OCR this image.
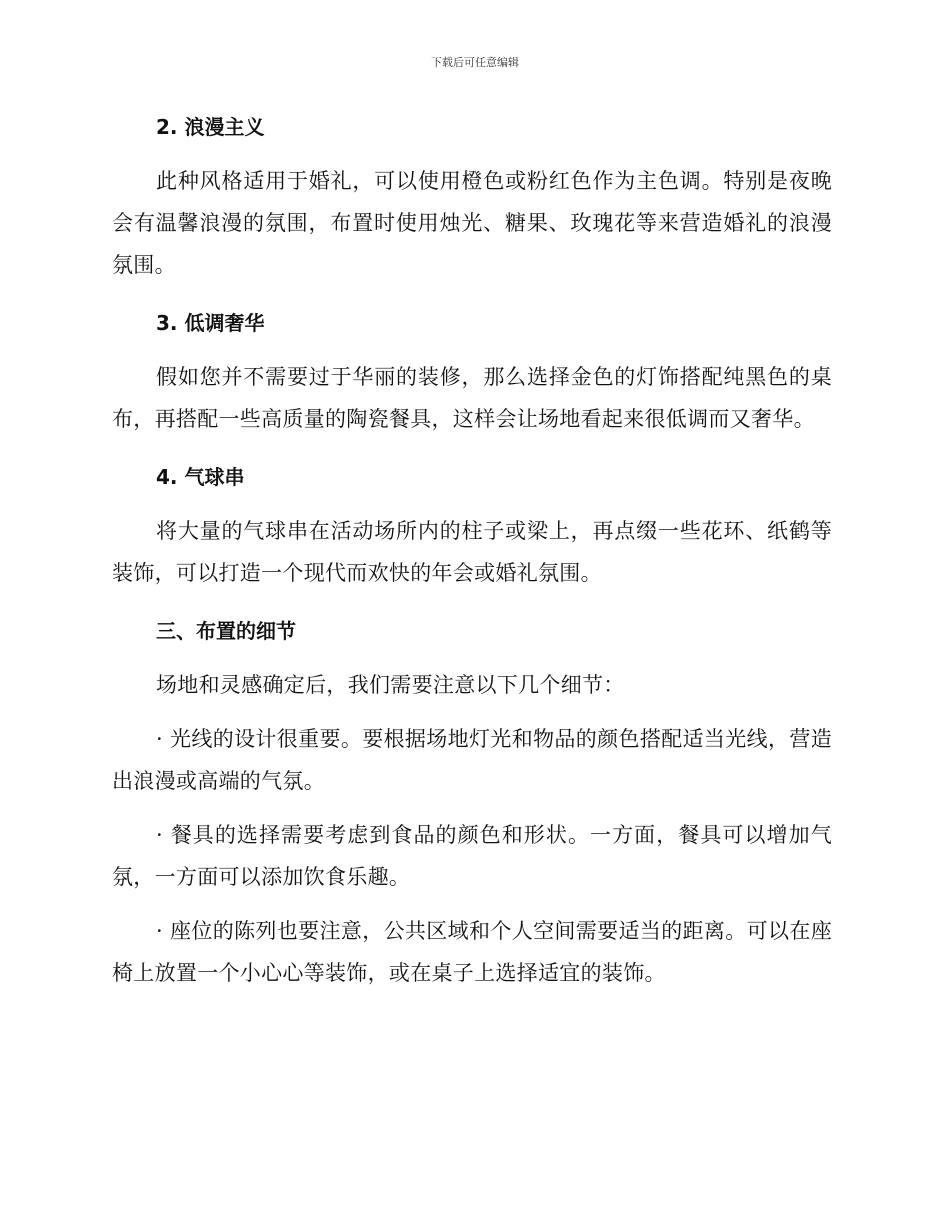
下载后可任意编辑
2. 浪漫主义

此种风格适用于婚礼，可以使用橙色或粉红色作为主色调。特别是夜晚会有温馨浪漫的氛围，布置时使用烛光、糖果、玫瑰花等来营造婚礼的浪漫氛围。

3. 低调奢华

假如您并不需要过于华丽的装修，那么选择金色的灯饰搭配纯黑色的桌布，再搭配一些高质量的陶瓷餐具，这样会让场地看起来很低调而又奢华。

4. 气球串

将大量的气球串在活动场所内的柱子或梁上，再点缀一些花环、纸鹤等装饰，可以打造一个现代而欢快的年会或婚礼氛围。

三、布置的细节

场地和灵感确定后，我们需要注意以下几个细节：

· 光线的设计很重要。要根据场地灯光和物品的颜色搭配适当光线，营造出浪漫或高端的气氛。

· 餐具的选择需要考虑到食品的颜色和形状。一方面，餐具可以增加气氛，一方面可以添加饮食乐趣。

· 座位的陈列也要注意，公共区域和个人空间需要适当的距离。可以在座椅上放置一个小心心等装饰，或在桌子上选择适宜的装饰。
